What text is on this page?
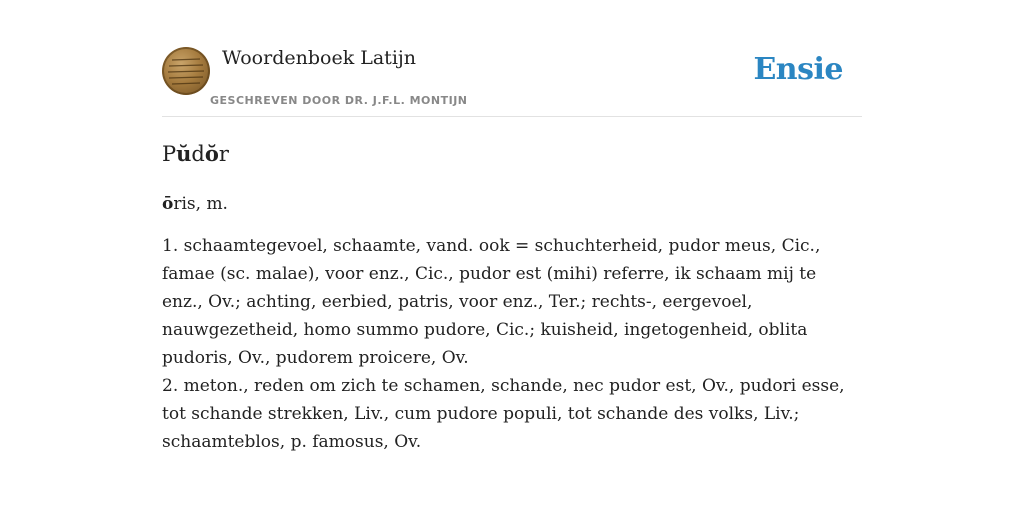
Woordenboek Latijn
GESCHREVEN DOOR DR. J.F.L. MONTIJN
Ensie
Pŭdŏr

ōris, m.

1. schaamtegevoel, schaamte, vand. ook = schuchterheid, pudor meus, Cic., famae (sc. malae), voor enz., Cic., pudor est (mihi) referre, ik schaam mij te enz., Ov.; achting, eerbied, patris, voor enz., Ter.; rechts-, eergevoel, nauwgezetheid, homo summo pudore, Cic.; kuisheid, ingetogenheid, oblita pudoris, Ov., pudorem proicere, Ov.

2. meton., reden om zich te schamen, schande, nec pudor est, Ov., pudori esse, tot schande strekken, Liv., cum pudore populi, tot schande des volks, Liv.; schaamteblos, p. famosus, Ov.
